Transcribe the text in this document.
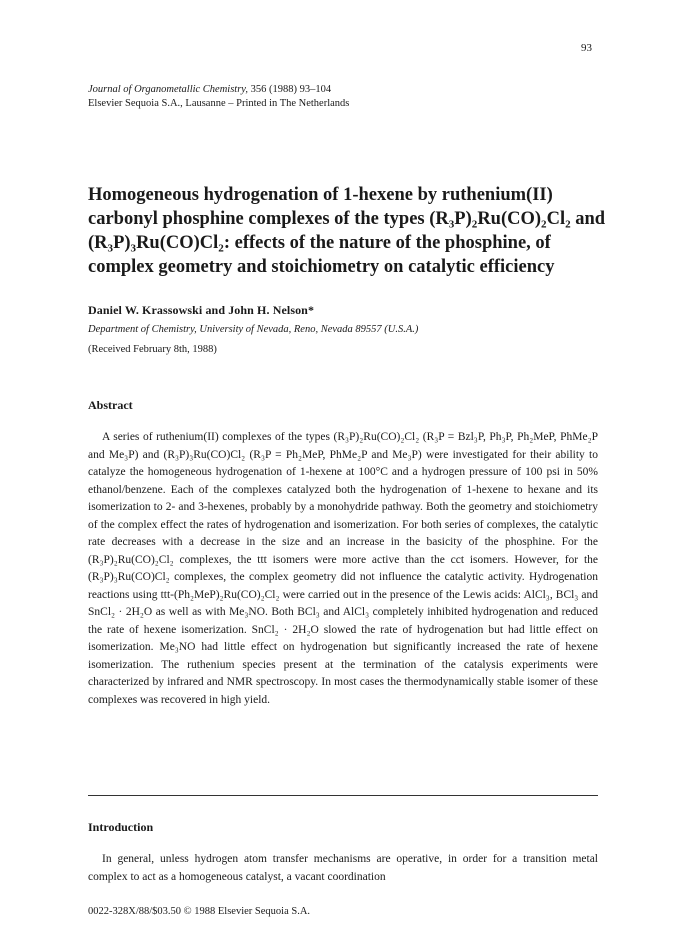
93
Journal of Organometallic Chemistry, 356 (1988) 93–104
Elsevier Sequoia S.A., Lausanne – Printed in The Netherlands
Homogeneous hydrogenation of 1-hexene by ruthenium(II) carbonyl phosphine complexes of the types (R₃P)₂Ru(CO)₂Cl₂ and (R₃P)₃Ru(CO)Cl₂: effects of the nature of the phosphine, of complex geometry and stoichiometry on catalytic efficiency
Daniel W. Krassowski and John H. Nelson*
Department of Chemistry, University of Nevada, Reno, Nevada 89557 (U.S.A.)
(Received February 8th, 1988)
Abstract

A series of ruthenium(II) complexes of the types (R₃P)₂Ru(CO)₂Cl₂ (R₃P = Bzl₃P, Ph₃P, Ph₂MeP, PhMe₂P and Me₃P) and (R₃P)₃Ru(CO)Cl₂ (R₃P = Ph₂MeP, PhMe₂P and Me₃P) were investigated for their ability to catalyze the homogeneous hydrogenation of 1-hexene at 100°C and a hydrogen pressure of 100 psi in 50% ethanol/benzene. Each of the complexes catalyzed both the hydrogenation of 1-hexene to hexane and its isomerization to 2- and 3-hexenes, probably by a monohydride pathway. Both the geometry and stoichiometry of the complex effect the rates of hydrogenation and isomerization. For both series of complexes, the catalytic rate decreases with a decrease in the size and an increase in the basicity of the phosphine. For the (R₃P)₂Ru(CO)₂Cl₂ complexes, the ttt isomers were more active than the cct isomers. However, for the (R₃P)₃Ru(CO)Cl₂ complexes, the complex geometry did not influence the catalytic activity. Hydrogenation reactions using ttt-(Ph₂MeP)₂Ru(CO)₂Cl₂ were carried out in the presence of the Lewis acids: AlCl₃, BCl₃ and SnCl₂ · 2H₂O as well as with Me₃NO. Both BCl₃ and AlCl₃ completely inhibited hydrogenation and reduced the rate of hexene isomerization. SnCl₂ · 2H₂O slowed the rate of hydrogenation but had little effect on isomerization. Me₃NO had little effect on hydrogenation but significantly increased the rate of hexene isomerization. The ruthenium species present at the termination of the catalysis experiments were characterized by infrared and NMR spectroscopy. In most cases the thermodynamically stable isomer of these complexes was recovered in high yield.

Introduction

In general, unless hydrogen atom transfer mechanisms are operative, in order for a transition metal complex to act as a homogeneous catalyst, a vacant coordination

0022-328X/88/$03.50 © 1988 Elsevier Sequoia S.A.
